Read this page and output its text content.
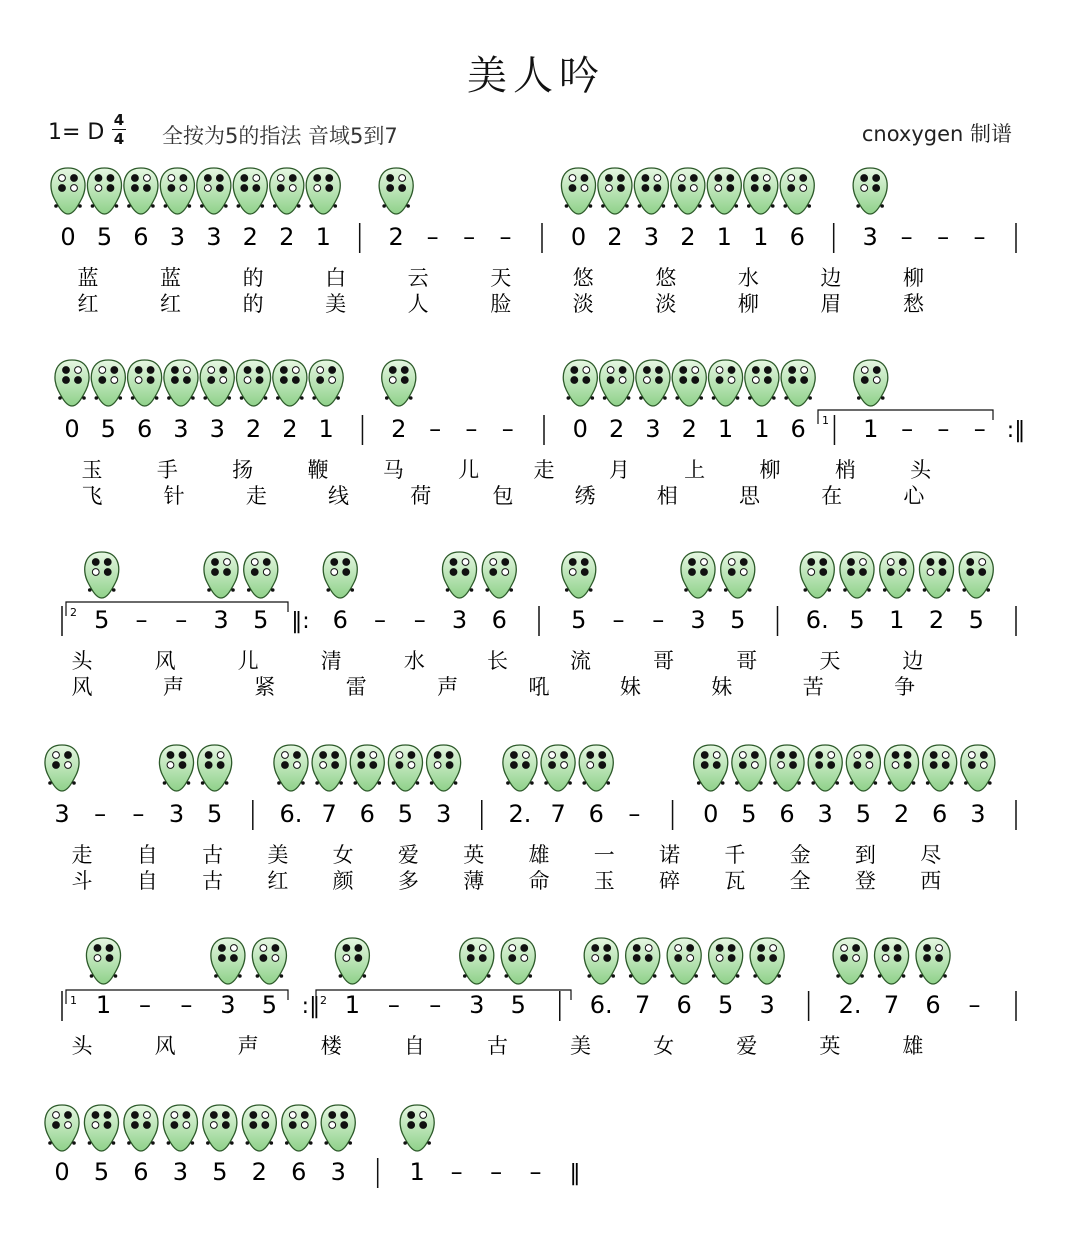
美人吟
1= D 4
4 全按为5的指法 音域5到7	cnoxygen 制谱
0 5 6 3 3 2 2 1 2 – – – 0 2 3 2 1 1 6 3 – – –
蓝	蓝	的	白	云	天	悠	悠	水	边	柳
红	红	的	美	人	脸	淡	淡	柳	眉	愁
0 5 6 3 3 2 2 1 2 – – – 0 2 3 2 1 1 6 1 – – – :‖
玉	手	扬	鞭	马	儿	走	月	上	柳	梢	头
飞	针	走	线	荷	包	绣	相	思	在	心
5 – – 3 5 ‖: 6 – – 3 6	5 – – 3 5	6. 5 1 2 5
头	风	儿	清	水	长	流	哥	哥	天	边
风	声	紧	雷	声	吼	妹	妹	苦	争
3 – – 3 5 6. 7 6 5 3 2. 7 6 –	0 5 6 3 5 2 6 3
走 自 古 美 女 爱 英 雄 一 诺 千 金 到 尽
斗 自 古 红 颜 多 薄 命 玉 碎 瓦 全 登 西
1 – – 3 5 :‖ 1 – – 3 5	6. 7 6 5 3	2. 7 6 –
头	风	声	楼	自	古	美	女	爱	英	雄
0 5 6 3 5 2 6 3	1 – – – ‖
1
2
1	2
